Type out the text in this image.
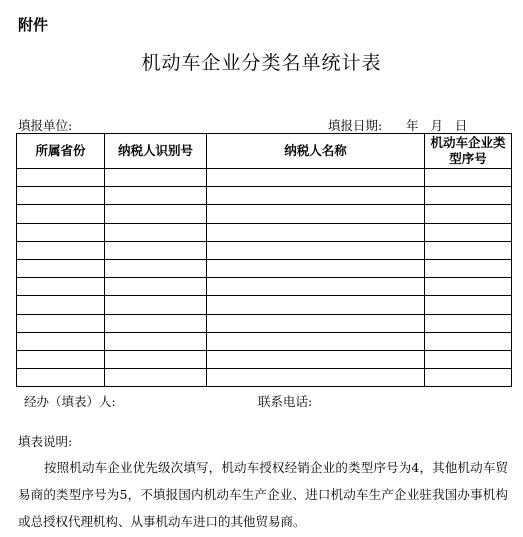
附件
机动车企业分类名单统计表
填报单位:	填报日期:      年   月   日
所属省份	纳税人识别号	纳税人名称	机动车企业类型序号

经办（填表）人:	联系电话:
填表说明:
按照机动车企业优先级次填写，机动车授权经销企业的类型序号为4，其他机动车贸易商的类型序号为5，不填报国内机动车生产企业、进口机动车生产企业驻我国办事机构或总授权代理机构、从事机动车进口的其他贸易商。
